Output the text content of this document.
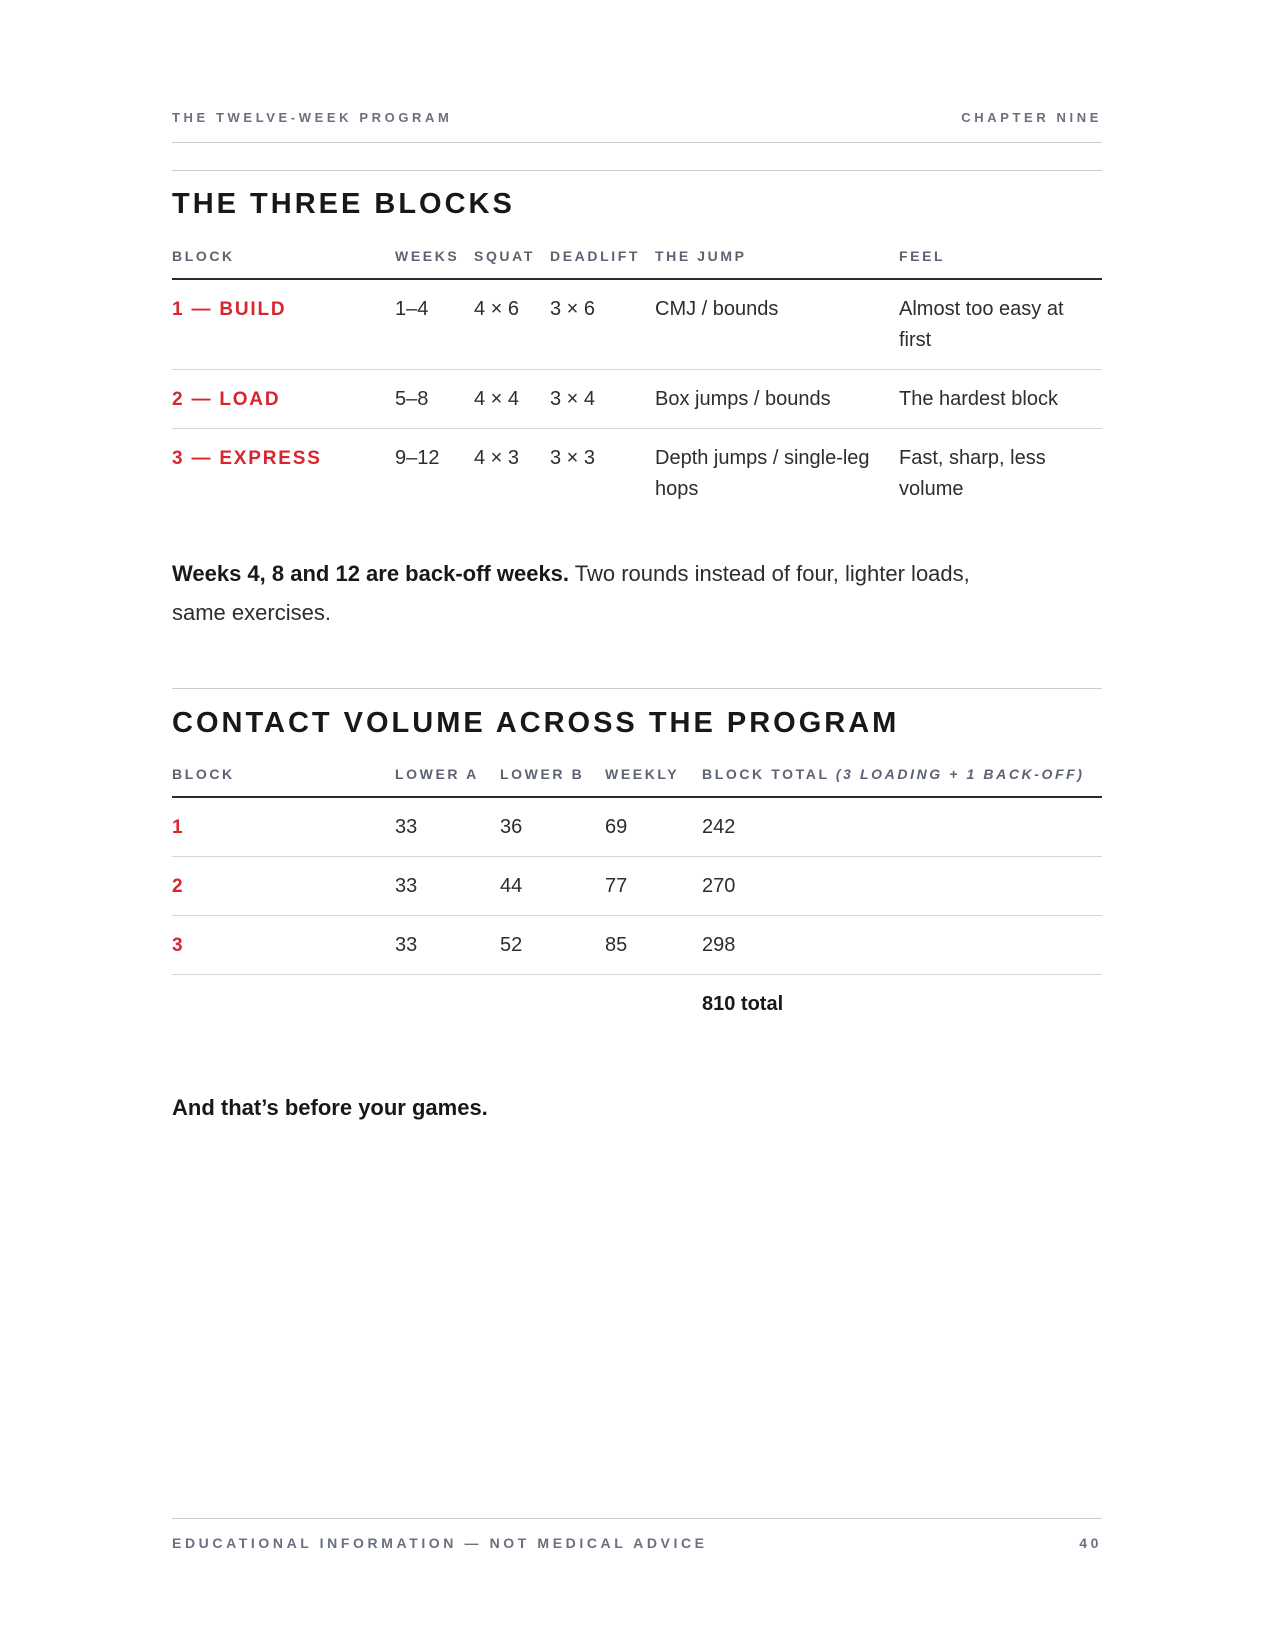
THE TWELVE-WEEK PROGRAM	CHAPTER NINE
THE THREE BLOCKS
BLOCK	WEEKS	SQUAT	DEADLIFT	THE JUMP	FEEL
1 — BUILD	1–4	4 × 6	3 × 6	CMJ / bounds	Almost too easy at first
2 — LOAD	5–8	4 × 4	3 × 4	Box jumps / bounds	The hardest block
3 — EXPRESS	9–12	4 × 3	3 × 3	Depth jumps / single-leg hops	Fast, sharp, less volume

Weeks 4, 8 and 12 are back-off weeks. Two rounds instead of four, lighter loads, same exercises.

CONTACT VOLUME ACROSS THE PROGRAM
BLOCK	LOWER A	LOWER B	WEEKLY	BLOCK TOTAL (3 LOADING + 1 BACK-OFF)
1	33	36	69	242
2	33	44	77	270
3	33	52	85	298
				810 total

And that’s before your games.

EDUCATIONAL INFORMATION — NOT MEDICAL ADVICE	40
